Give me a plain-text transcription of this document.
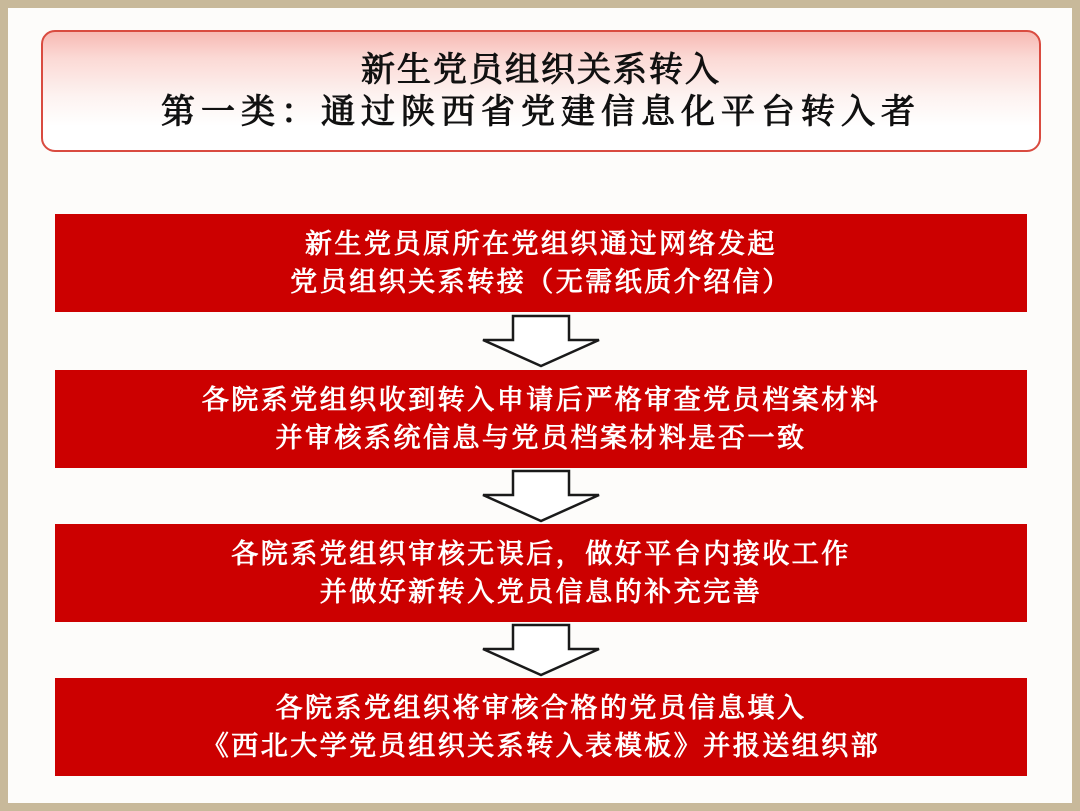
新生党员组织关系转入
第一类：通过陕西省党建信息化平台转入者
新生党员原所在党组织通过网络发起
党员组织关系转接（无需纸质介绍信）
各院系党组织收到转入申请后严格审查党员档案材料
并审核系统信息与党员档案材料是否一致
各院系党组织审核无误后，做好平台内接收工作
并做好新转入党员信息的补充完善
各院系党组织将审核合格的党员信息填入
《西北大学党员组织关系转入表模板》并报送组织部
